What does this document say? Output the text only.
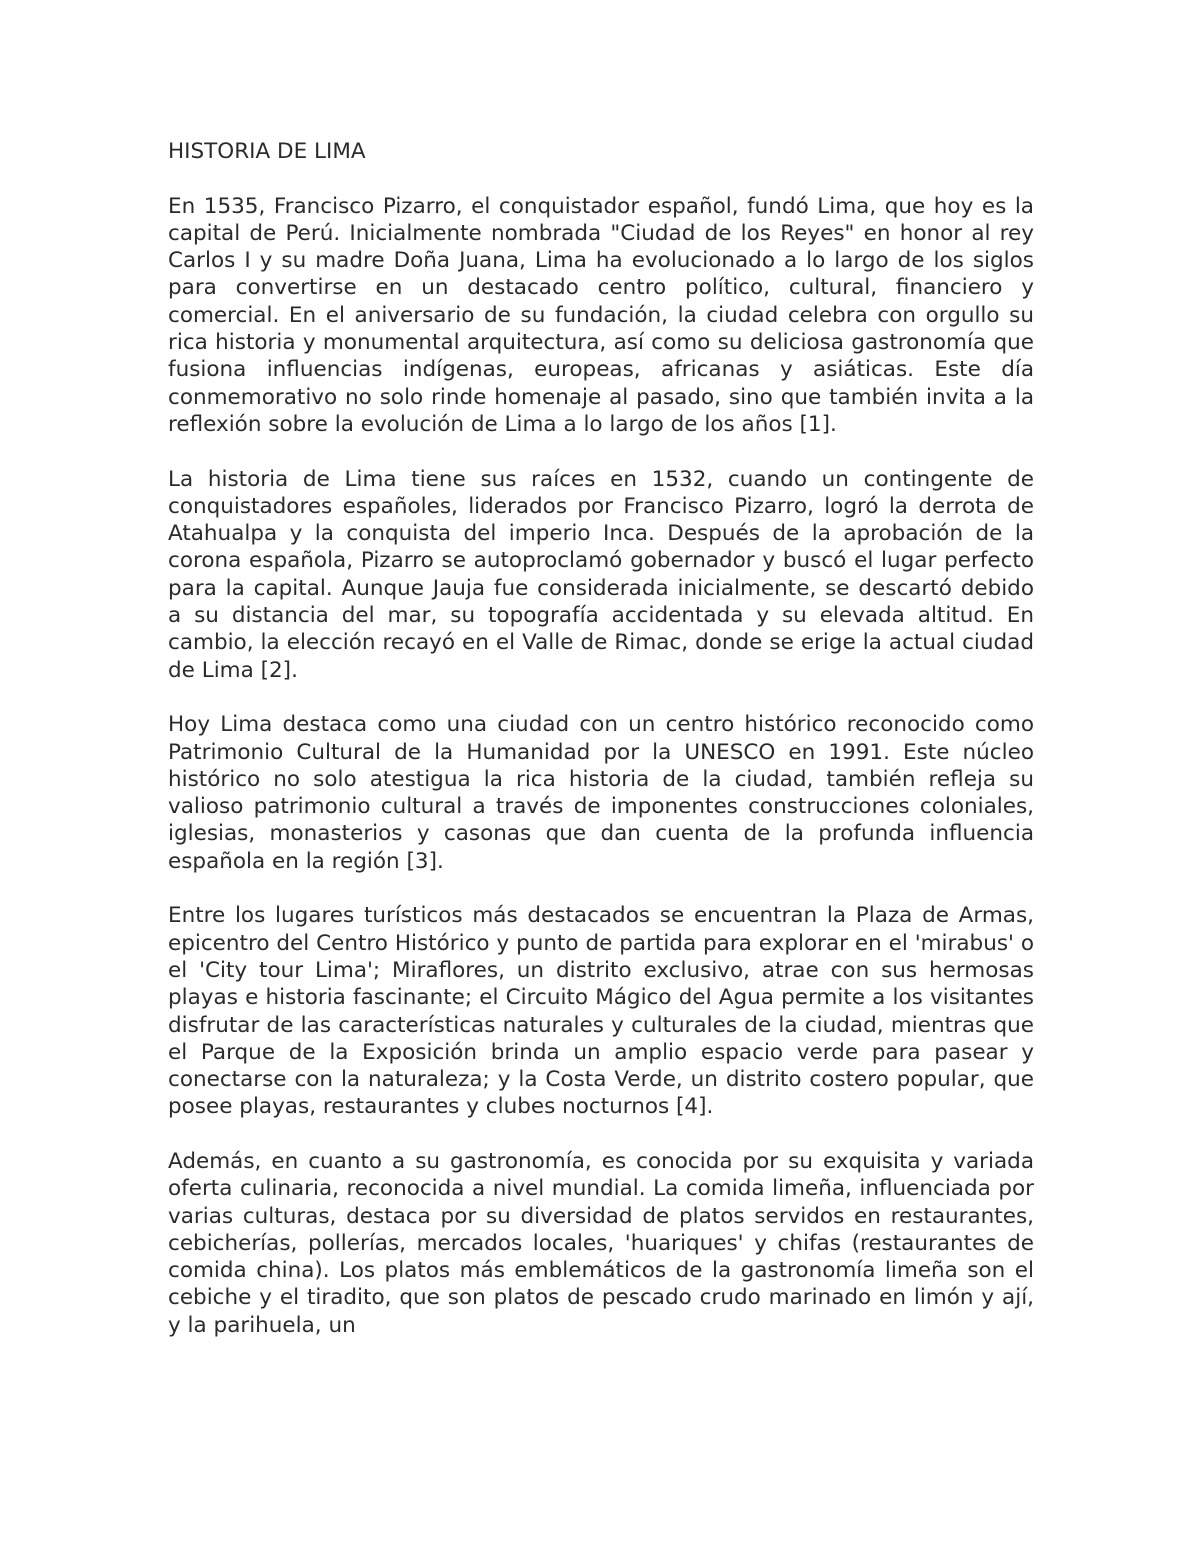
HISTORIA DE LIMA

En 1535, Francisco Pizarro, el conquistador español, fundó Lima, que hoy es la capital de Perú. Inicialmente nombrada "Ciudad de los Reyes" en honor al rey Carlos I y su madre Doña Juana, Lima ha evolucionado a lo largo de los siglos para convertirse en un destacado centro político, cultural, financiero y comercial. En el aniversario de su fundación, la ciudad celebra con orgullo su rica historia y monumental arquitectura, así como su deliciosa gastronomía que fusiona influencias indígenas, europeas, africanas y asiáticas. Este día conmemorativo no solo rinde homenaje al pasado, sino que también invita a la reflexión sobre la evolución de Lima a lo largo de los años [1].

La historia de Lima tiene sus raíces en 1532, cuando un contingente de conquistadores españoles, liderados por Francisco Pizarro, logró la derrota de Atahualpa y la conquista del imperio Inca. Después de la aprobación de la corona española, Pizarro se autoproclamó gobernador y buscó el lugar perfecto para la capital. Aunque Jauja fue considerada inicialmente, se descartó debido a su distancia del mar, su topografía accidentada y su elevada altitud. En cambio, la elección recayó en el Valle de Rimac, donde se erige la actual ciudad de Lima [2].

Hoy Lima destaca como una ciudad con un centro histórico reconocido como Patrimonio Cultural de la Humanidad por la UNESCO en 1991. Este núcleo histórico no solo atestigua la rica historia de la ciudad, también refleja su valioso patrimonio cultural a través de imponentes construcciones coloniales, iglesias, monasterios y casonas que dan cuenta de la profunda influencia española en la región [3].

Entre los lugares turísticos más destacados se encuentran la Plaza de Armas, epicentro del Centro Histórico y punto de partida para explorar en el 'mirabus' o el 'City tour Lima'; Miraflores, un distrito exclusivo, atrae con sus hermosas playas e historia fascinante; el Circuito Mágico del Agua permite a los visitantes disfrutar de las características naturales y culturales de la ciudad, mientras que el Parque de la Exposición brinda un amplio espacio verde para pasear y conectarse con la naturaleza; y la Costa Verde, un distrito costero popular, que posee playas, restaurantes y clubes nocturnos [4].

Además, en cuanto a su gastronomía, es conocida por su exquisita y variada oferta culinaria, reconocida a nivel mundial. La comida limeña, influenciada por varias culturas, destaca por su diversidad de platos servidos en restaurantes, cebicherías, pollerías, mercados locales, 'huariques' y chifas (restaurantes de comida china). Los platos más emblemáticos de la gastronomía limeña son el cebiche y el tiradito, que son platos de pescado crudo marinado en limón y ají, y la parihuela, un
